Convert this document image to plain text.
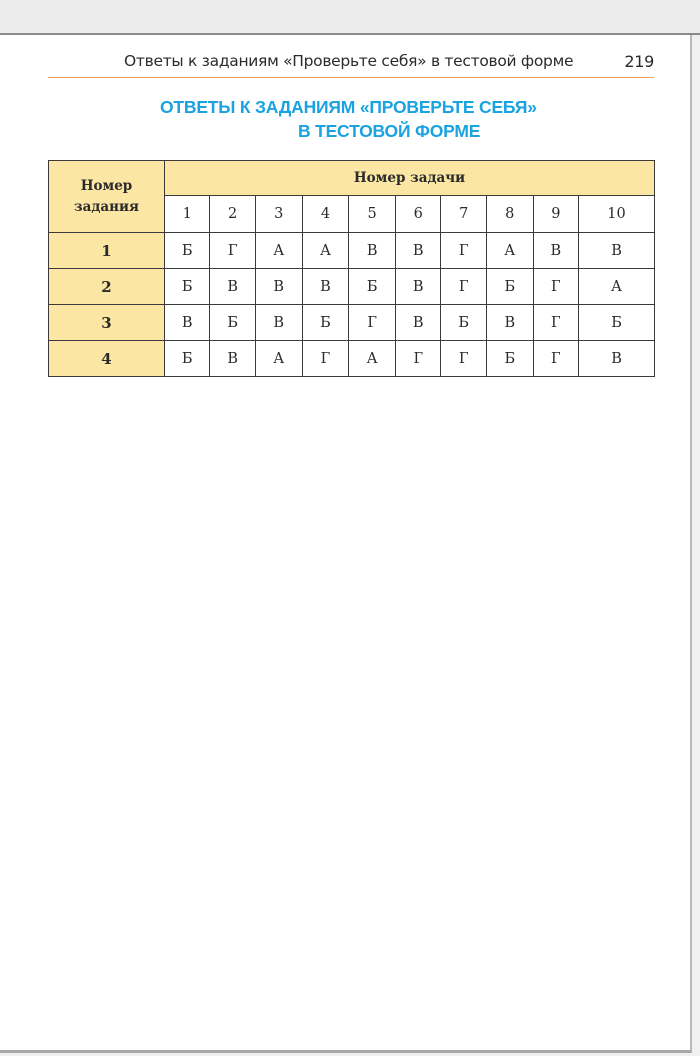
Ответы к заданиям «Проверьте себя» в тестовой форме	219
ОТВЕТЫ К ЗАДАНИЯМ «ПРОВЕРЬТЕ СЕБЯ»
В ТЕСТОВОЙ ФОРМЕ
Номер
задания	Номер задачи									
	1	2	3	4	5	6	7	8	9	10
1	Б	Г	А	А	В	В	Г	А	В	В
2	Б	В	В	В	Б	В	Г	Б	Г	А
3	В	Б	В	Б	Г	В	Б	В	Г	Б
4	Б	В	А	Г	А	Г	Г	Б	Г	В
